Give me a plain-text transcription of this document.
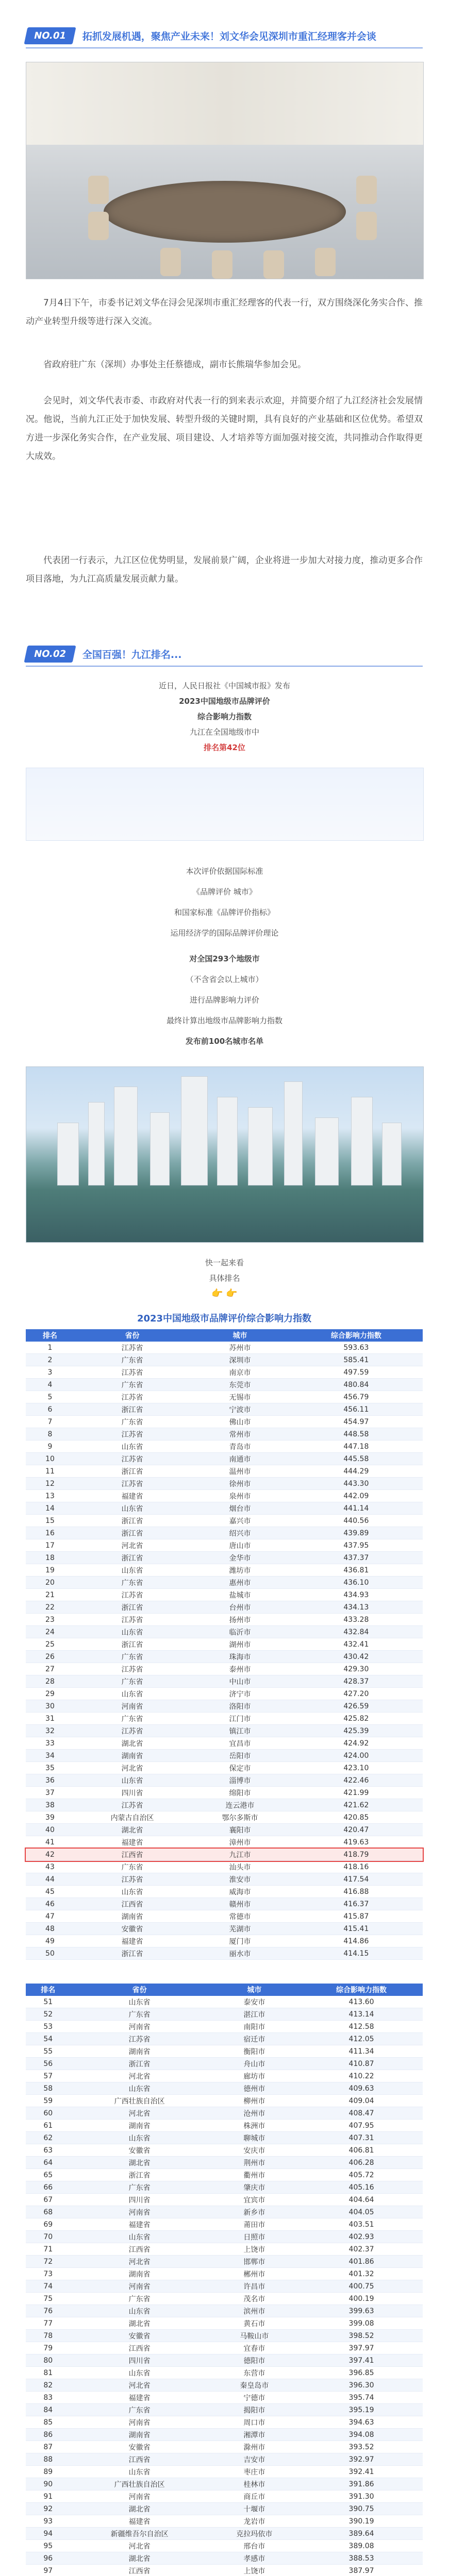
NO.01	拓抓发展机遇，聚焦产业未来！刘文华会见深圳市重汇经理客并会谈
7月4日下午，市委书记刘文华在浔会见深圳市重汇经理客的代表一行，双方围绕深化务实合作、推动产业转型升级等进行深入交流。
省政府驻广东（深圳）办事处主任蔡德成，副市长熊瑞华参加会见。
会见时，刘文华代表市委、市政府对代表一行的到来表示欢迎，并简要介绍了九江经济社会发展情况。他说，当前九江正处于加快发展、转型升级的关键时期，具有良好的产业基础和区位优势。希望双方进一步深化务实合作，在产业发展、项目建设、人才培养等方面加强对接交流，共同推动合作取得更大成效。
代表团一行表示，九江区位优势明显，发展前景广阔，企业将进一步加大对接力度，推动更多合作项目落地，为九江高质量发展贡献力量。
NO.02	全国百强！九江排名...
近日，人民日报社《中国城市报》发布
2023中国地级市品牌评价
综合影响力指数
九江在全国地级市中
排名第42位
本次评价依据国际标准
《品牌评价 城市》
和国家标准《品牌评价指标》
运用经济学的国际品牌评价理论
对全国293个地级市
（不含省会以上城市）
进行品牌影响力评价
最终计算出地级市品牌影响力指数
发布前100名城市名单
快一起来看
具体排名
👉 👉
2023中国地级市品牌评价综合影响力指数
排名	省份	城市	综合影响力指数
1	江苏省	苏州市	593.63
2	广东省	深圳市	585.41
3	江苏省	南京市	497.59
4	广东省	东莞市	480.84
5	江苏省	无锡市	456.79
6	浙江省	宁波市	456.11
7	广东省	佛山市	454.97
8	江苏省	常州市	448.58
9	山东省	青岛市	447.18
10	江苏省	南通市	445.58
11	浙江省	温州市	444.29
12	江苏省	徐州市	443.30
13	福建省	泉州市	442.09
14	山东省	烟台市	441.14
15	浙江省	嘉兴市	440.56
16	浙江省	绍兴市	439.89
17	河北省	唐山市	437.95
18	浙江省	金华市	437.37
19	山东省	潍坊市	436.81
20	广东省	惠州市	436.10
21	江苏省	盐城市	434.93
22	浙江省	台州市	434.13
23	江苏省	扬州市	433.28
24	山东省	临沂市	432.84
25	浙江省	湖州市	432.41
26	广东省	珠海市	430.42
27	江苏省	泰州市	429.30
28	广东省	中山市	428.37
29	山东省	济宁市	427.20
30	河南省	洛阳市	426.59
31	广东省	江门市	425.82
32	江苏省	镇江市	425.39
33	湖北省	宜昌市	424.92
34	湖南省	岳阳市	424.00
35	河北省	保定市	423.10
36	山东省	淄博市	422.46
37	四川省	绵阳市	421.99
38	江苏省	连云港市	421.62
39	内蒙古自治区	鄂尔多斯市	420.85
40	湖北省	襄阳市	420.47
41	福建省	漳州市	419.63
42	江西省	九江市	418.79
43	广东省	汕头市	418.16
44	江苏省	淮安市	417.54
45	山东省	威海市	416.88
46	江西省	赣州市	416.37
47	湖南省	常德市	415.87
48	安徽省	芜湖市	415.41
49	福建省	厦门市	414.86
50	浙江省	丽水市	414.15
排名	省份	城市	综合影响力指数
51	山东省	泰安市	413.60
52	广东省	湛江市	413.14
53	河南省	南阳市	412.58
54	江苏省	宿迁市	412.05
55	湖南省	衡阳市	411.34
56	浙江省	舟山市	410.87
57	河北省	廊坊市	410.22
58	山东省	德州市	409.63
59	广西壮族自治区	柳州市	409.04
60	河北省	沧州市	408.47
61	湖南省	株洲市	407.95
62	山东省	聊城市	407.31
63	安徽省	安庆市	406.81
64	湖北省	荆州市	406.28
65	浙江省	衢州市	405.72
66	广东省	肇庆市	405.16
67	四川省	宜宾市	404.64
68	河南省	新乡市	404.05
69	福建省	莆田市	403.51
70	山东省	日照市	402.93
71	江西省	上饶市	402.37
72	河北省	邯郸市	401.86
73	湖南省	郴州市	401.32
74	河南省	许昌市	400.75
75	广东省	茂名市	400.19
76	山东省	滨州市	399.63
77	湖北省	黄石市	399.08
78	安徽省	马鞍山市	398.52
79	江西省	宜春市	397.97
80	四川省	德阳市	397.41
81	山东省	东营市	396.85
82	河北省	秦皇岛市	396.30
83	福建省	宁德市	395.74
84	广东省	揭阳市	395.19
85	河南省	周口市	394.63
86	湖南省	湘潭市	394.08
87	安徽省	滁州市	393.52
88	江西省	吉安市	392.97
89	山东省	枣庄市	392.41
90	广西壮族自治区	桂林市	391.86
91	河南省	商丘市	391.30
92	湖北省	十堰市	390.75
93	福建省	龙岩市	390.19
94	新疆维吾尔自治区	克拉玛依市	389.64
95	河北省	邢台市	389.08
96	湖北省	孝感市	388.53
97	江西省	上饶市	387.97
